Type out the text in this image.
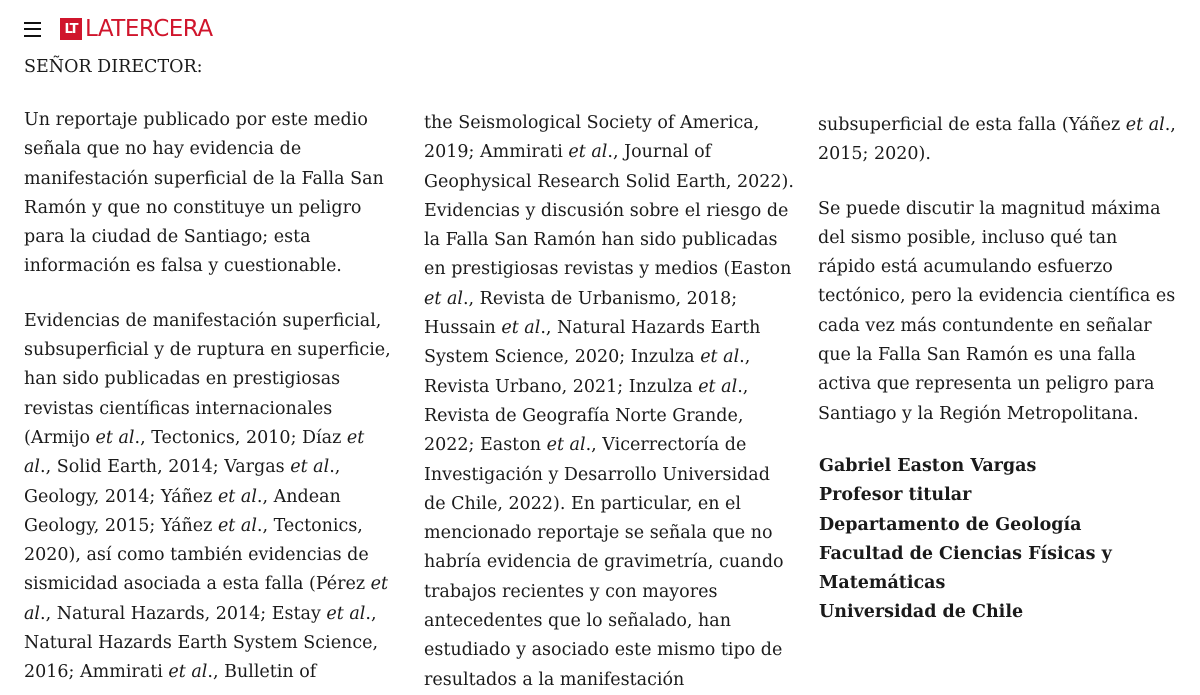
LT LATERCERA
SEÑOR DIRECTOR:

Un reportaje publicado por este medio señala que no hay evidencia de manifestación superficial de la Falla San Ramón y que no constituye un peligro para la ciudad de Santiago; esta información es falsa y cuestionable.

Evidencias de manifestación superficial, subsuperficial y de ruptura en superficie, han sido publicadas en prestigiosas revistas científicas internacionales (Armijo et al., Tectonics, 2010; Díaz et al., Solid Earth, 2014; Vargas et al., Geology, 2014; Yáñez et al., Andean Geology, 2015; Yáñez et al., Tectonics, 2020), así como también evidencias de sismicidad asociada a esta falla (Pérez et al., Natural Hazards, 2014; Estay et al., Natural Hazards Earth System Science, 2016; Ammirati et al., Bulletin of

the Seismological Society of America, 2019; Ammirati et al., Journal of Geophysical Research Solid Earth, 2022). Evidencias y discusión sobre el riesgo de la Falla San Ramón han sido publicadas en prestigiosas revistas y medios (Easton et al., Revista de Urbanismo, 2018; Hussain et al., Natural Hazards Earth System Science, 2020; Inzulza et al., Revista Urbano, 2021; Inzulza et al., Revista de Geografía Norte Grande, 2022; Easton et al., Vicerrectoría de Investigación y Desarrollo Universidad de Chile, 2022). En particular, en el mencionado reportaje se señala que no habría evidencia de gravimetría, cuando trabajos recientes y con mayores antecedentes que lo señalado, han estudiado y asociado este mismo tipo de resultados a la manifestación

subsuperficial de esta falla (Yáñez et al., 2015; 2020).

Se puede discutir la magnitud máxima del sismo posible, incluso qué tan rápido está acumulando esfuerzo tectónico, pero la evidencia científica es cada vez más contundente en señalar que la Falla San Ramón es una falla activa que representa un peligro para Santiago y la Región Metropolitana.

Gabriel Easton Vargas
Profesor titular
Departamento de Geología
Facultad de Ciencias Físicas y
Matemáticas
Universidad de Chile
